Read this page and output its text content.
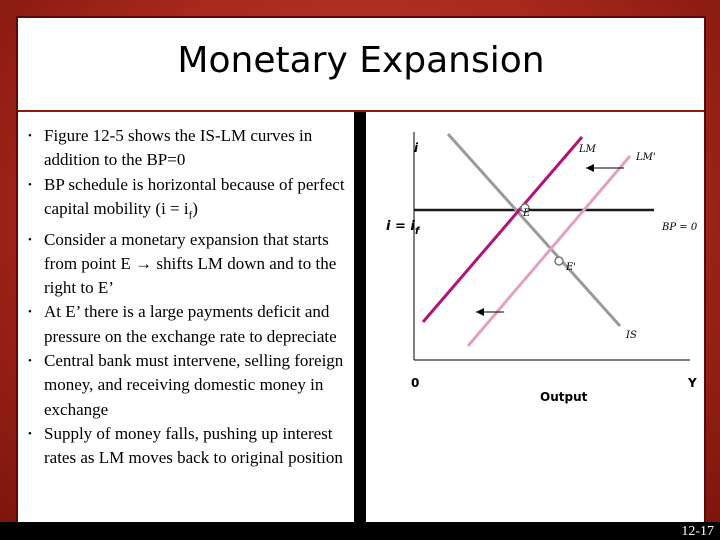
Monetary Expansion
• Figure 12-5 shows the IS-LM curves in addition to the BP=0
• BP schedule is horizontal because of perfect capital mobility $(i = i_f)$
• Consider a monetary expansion that starts from point E → shifts LM down and to the right to E’
• At E’ there is a large payments deficit and pressure on the exchange rate to depreciate
• Central bank must intervene, selling foreign money, and receiving domestic money in exchange
• Supply of money falls, pushing up interest rates as LM moves back to original position
i
$i = i_f$
0	Y
Output
LM
LM'
IS
BP = 0
E
E'
12-17
